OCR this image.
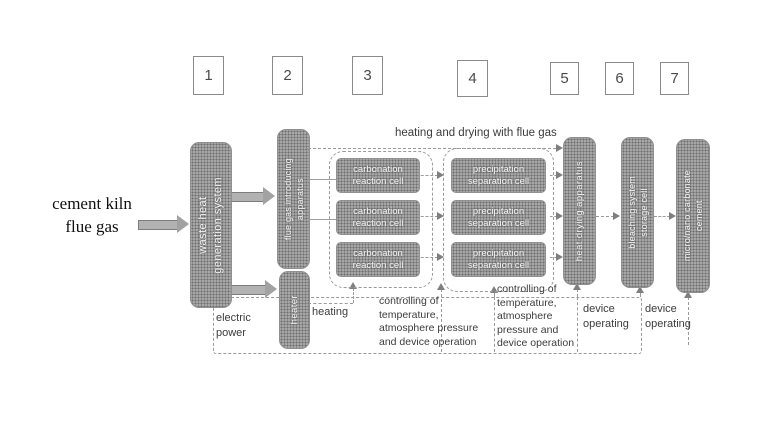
1	2	3	4	5	6	7
waste heat generation system	flue gas introducing apparatus
heater
carbonation
reaction cell
carbonation
reaction cell
carbonation
reaction cell
precipitation
separation cell
precipitation
separation cell
precipitation
separation cell
heat drying apparatus	bleaching system storage cell	micro/nano carbonate cement
cement kiln
flue gas
heating and drying with flue gas
electric
power
heating
controlling of
temperature,
atmosphere pressure
and device operation
controlling of
temperature,
atmosphere
pressure and
device operation
device
operating
device
operating
